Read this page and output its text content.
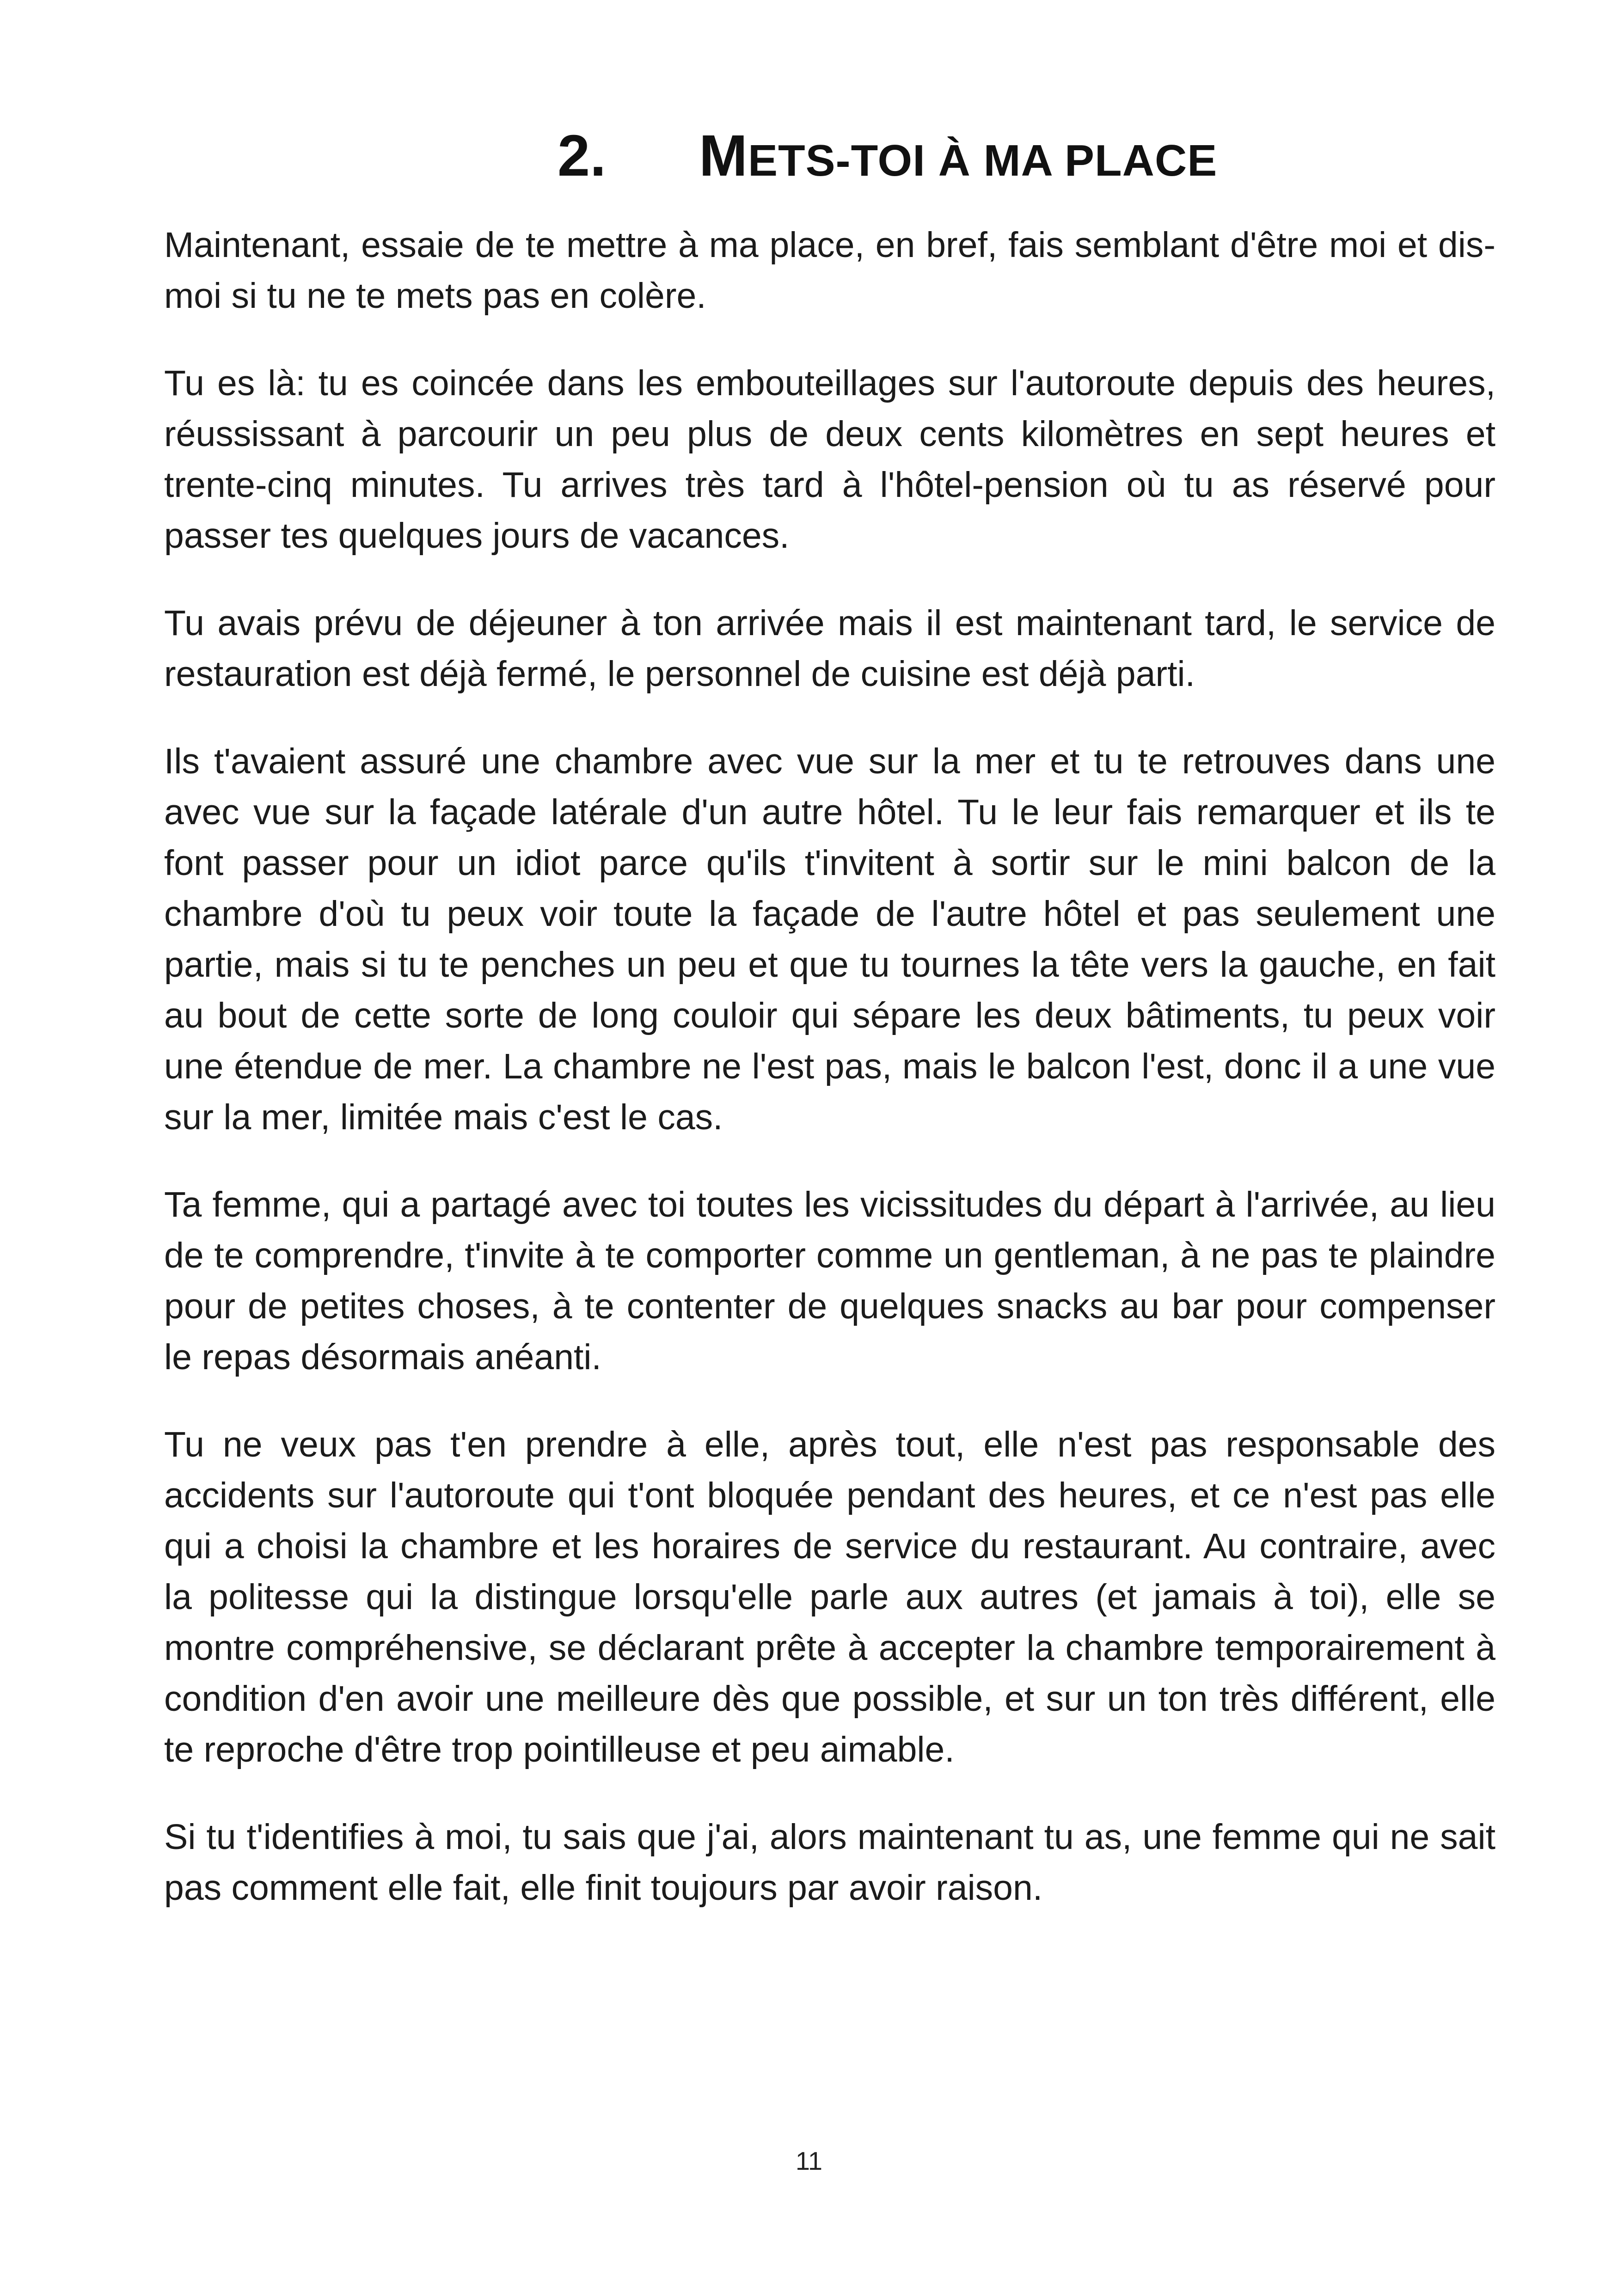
2. METS-TOI À MA PLACE

Maintenant, essaie de te mettre à ma place, en bref, fais semblant d'être moi et dis-moi si tu ne te mets pas en colère.

Tu es là: tu es coincée dans les embouteillages sur l'autoroute depuis des heures, réussissant à parcourir un peu plus de deux cents kilomètres en sept heures et trente-cinq minutes. Tu arrives très tard à l'hôtel-pension où tu as réservé pour passer tes quelques jours de vacances.

Tu avais prévu de déjeuner à ton arrivée mais il est maintenant tard, le service de restauration est déjà fermé, le personnel de cuisine est déjà parti.

Ils t'avaient assuré une chambre avec vue sur la mer et tu te retrouves dans une avec vue sur la façade latérale d'un autre hôtel. Tu le leur fais remarquer et ils te font passer pour un idiot parce qu'ils t'invitent à sortir sur le mini balcon de la chambre d'où tu peux voir toute la façade de l'autre hôtel et pas seulement une partie, mais si tu te penches un peu et que tu tournes la tête vers la gauche, en fait au bout de cette sorte de long couloir qui sépare les deux bâtiments, tu peux voir une étendue de mer. La chambre ne l'est pas, mais le balcon l'est, donc il a une vue sur la mer, limitée mais c'est le cas.

Ta femme, qui a partagé avec toi toutes les vicissitudes du départ à l'arrivée, au lieu de te comprendre, t'invite à te comporter comme un gentleman, à ne pas te plaindre pour de petites choses, à te contenter de quelques snacks au bar pour compenser le repas désormais anéanti.

Tu ne veux pas t'en prendre à elle, après tout, elle n'est pas responsable des accidents sur l'autoroute qui t'ont bloquée pendant des heures, et ce n'est pas elle qui a choisi la chambre et les horaires de service du restaurant. Au contraire, avec la politesse qui la distingue lorsqu'elle parle aux autres (et jamais à toi), elle se montre compréhensive, se déclarant prête à accepter la chambre temporairement à condition d'en avoir une meilleure dès que possible, et sur un ton très différent, elle te reproche d'être trop pointilleuse et peu aimable.

Si tu t'identifies à moi, tu sais que j'ai, alors maintenant tu as, une femme qui ne sait pas comment elle fait, elle finit toujours par avoir raison.

11
